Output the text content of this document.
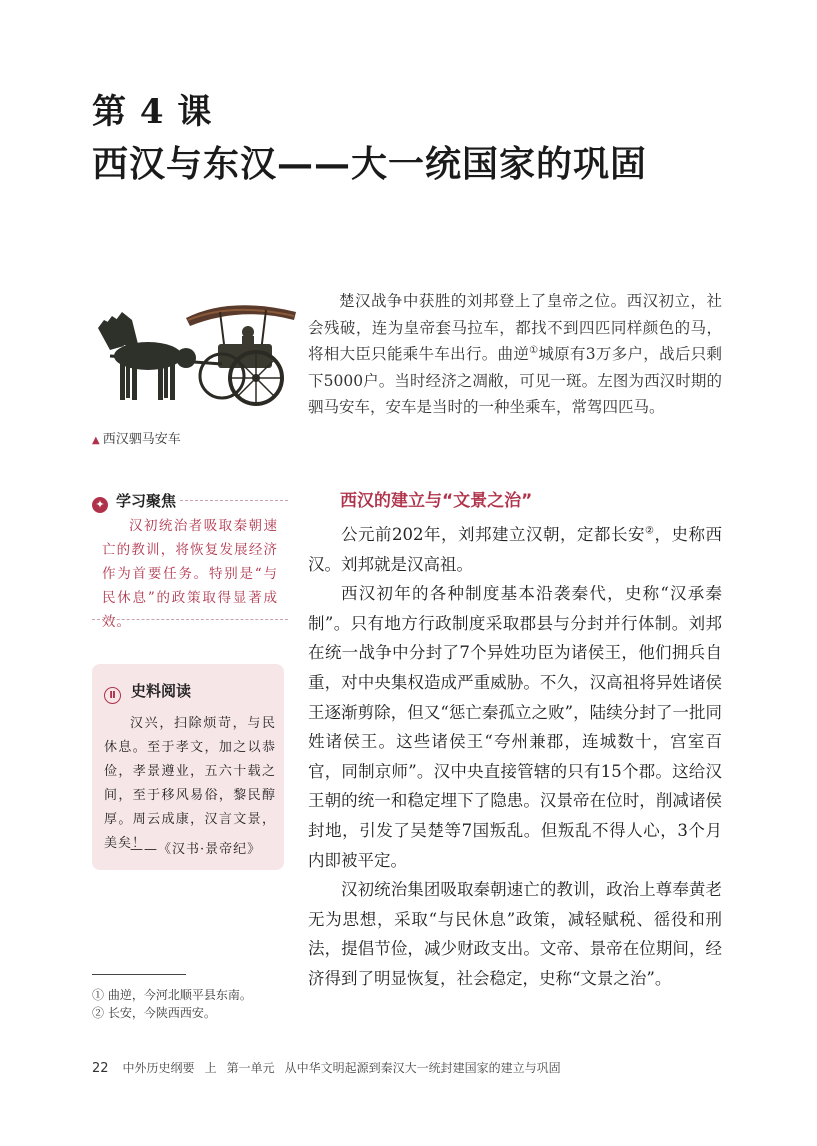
第 4 课
西汉与东汉——大一统国家的巩固
▲ 西汉驷马安车
楚汉战争中获胜的刘邦登上了皇帝之位。西汉初立，社会残破，连为皇帝套马拉车，都找不到四匹同样颜色的马，将相大臣只能乘牛车出行。曲逆①城原有3万多户，战后只剩下5000户。当时经济之凋敝，可见一斑。左图为西汉时期的驷马安车，安车是当时的一种坐乘车，常驾四匹马。
✦ 学习聚焦
汉初统治者吸取秦朝速亡的教训，将恢复发展经济作为首要任务。特别是“与民休息”的政策取得显著成效。
Ⅱ 史料阅读
汉兴，扫除烦苛，与民休息。至于孝文，加之以恭俭，孝景遵业，五六十载之间，至于移风易俗，黎民醇厚。周云成康，汉言文景，美矣！
——《汉书·景帝纪》
西汉的建立与“文景之治”

公元前202年，刘邦建立汉朝，定都长安②，史称西汉。刘邦就是汉高祖。

西汉初年的各种制度基本沿袭秦代，史称“汉承秦制”。只有地方行政制度采取郡县与分封并行体制。刘邦在统一战争中分封了7个异姓功臣为诸侯王，他们拥兵自重，对中央集权造成严重威胁。不久，汉高祖将异姓诸侯王逐渐剪除，但又“惩亡秦孤立之败”，陆续分封了一批同姓诸侯王。这些诸侯王“夸州兼郡，连城数十，宫室百官，同制京师”。汉中央直接管辖的只有15个郡。这给汉王朝的统一和稳定埋下了隐患。汉景帝在位时，削减诸侯封地，引发了吴楚等7国叛乱。但叛乱不得人心，3个月内即被平定。

汉初统治集团吸取秦朝速亡的教训，政治上尊奉黄老无为思想，采取“与民休息”政策，减轻赋税、徭役和刑法，提倡节俭，减少财政支出。文帝、景帝在位期间，经济得到了明显恢复，社会稳定，史称“文景之治”。

① 曲逆，今河北顺平县东南。
② 长安，今陕西西安。
22 中外历史纲要 上 第一单元 从中华文明起源到秦汉大一统封建国家的建立与巩固
